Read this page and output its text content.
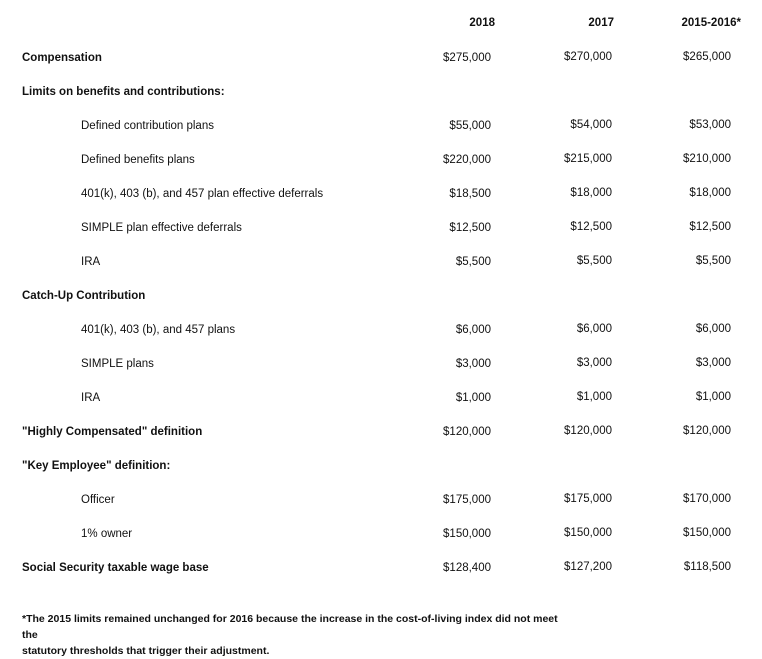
2018	2017	2015-2016*
Compensation	$275,000	$270,000	$265,000
Limits on benefits and contributions:
Defined contribution plans	$55,000	$54,000	$53,000
Defined benefits plans	$220,000	$215,000	$210,000
401(k), 403 (b), and 457 plan effective deferrals	$18,500	$18,000	$18,000
SIMPLE plan effective deferrals	$12,500	$12,500	$12,500
IRA	$5,500	$5,500	$5,500
Catch-Up Contribution
401(k), 403 (b), and 457 plans	$6,000	$6,000	$6,000
SIMPLE plans	$3,000	$3,000	$3,000
IRA	$1,000	$1,000	$1,000
"Highly Compensated" definition	$120,000	$120,000	$120,000
"Key Employee" definition:
Officer	$175,000	$175,000	$170,000
1% owner	$150,000	$150,000	$150,000
Social Security taxable wage base	$128,400	$127,200	$118,500
*The 2015 limits remained unchanged for 2016 because the increase in the cost-of-living index did not meet the
statutory thresholds that trigger their adjustment.
